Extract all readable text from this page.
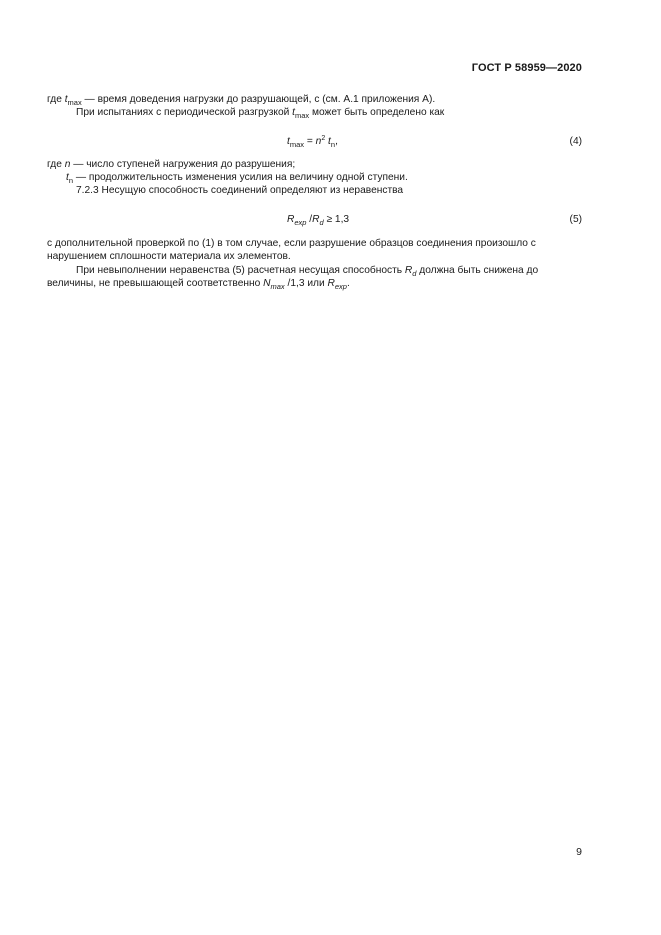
ГОСТ Р 58959—2020
где $t_{max}$ — время доведения нагрузки до разрушающей, с (см. А.1 приложения А).
При испытаниях с периодической разгрузкой $t_{max}$ может быть определено как
$t_{max} = n^2$ $t_n$,	(4)
где n — число ступеней нагружения до разрушения;
$t_n$ — продолжительность изменения усилия на величину одной ступени.
7.2.3 Несущую способность соединений определяют из неравенства
$R_{exp}$ $/R_d \ge 1,3$	(5)
с дополнительной проверкой по (1) в том случае, если разрушение образцов соединения произошло с
нарушением сплошности материала их элементов.
При невыполнении неравенства (5) расчетная несущая способность $R_d$ должна быть снижена до
величины, не превышающей соответственно $N_{max}$ /1,3 или $R_{exp}$.
9
